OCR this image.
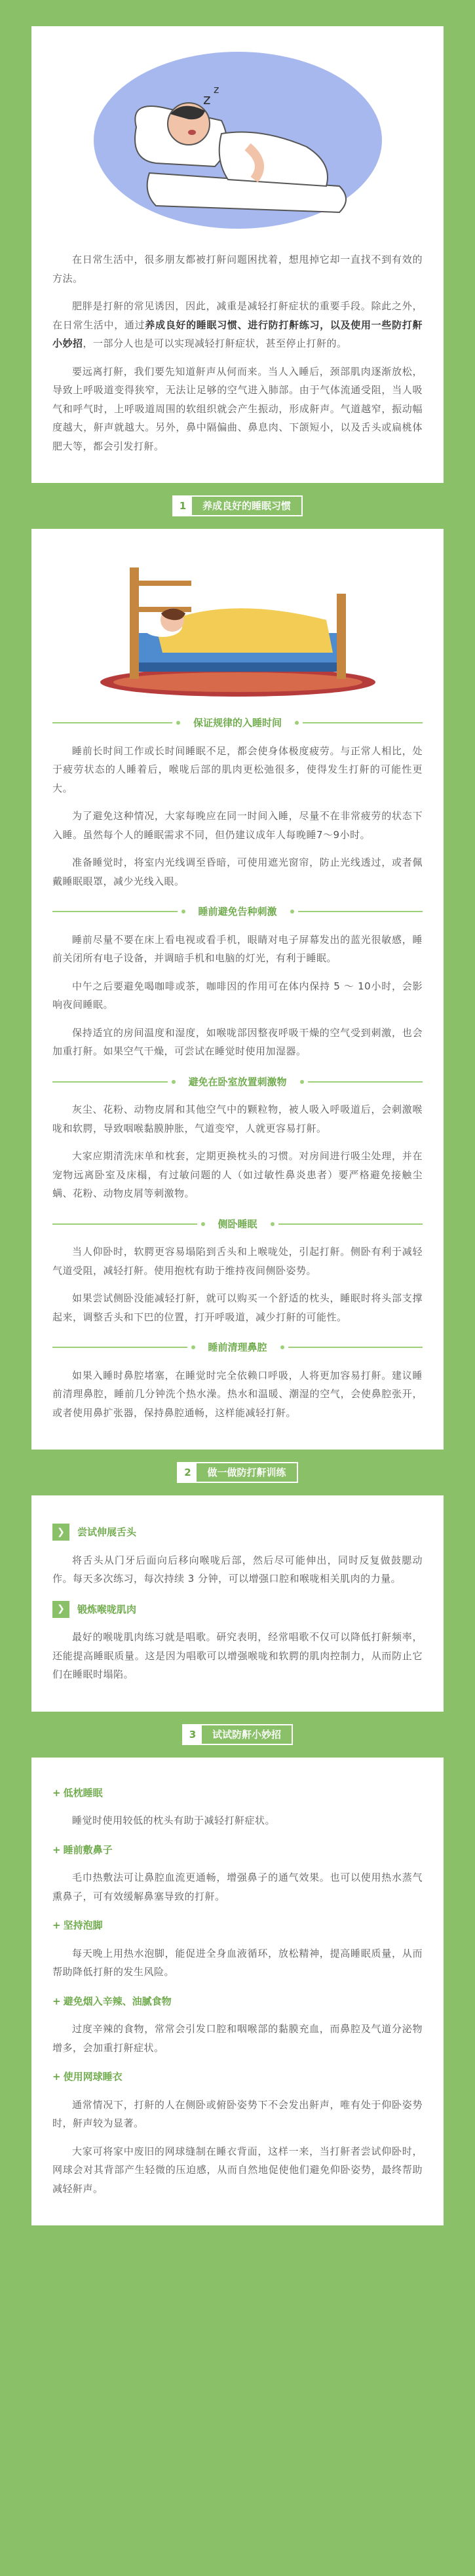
z
z

在日常生活中，很多朋友都被打鼾问题困扰着，想甩掉它却一直找不到有效的方法。

肥胖是打鼾的常见诱因，因此，减重是减轻打鼾症状的重要手段。除此之外，在日常生活中，通过养成良好的睡眠习惯、进行防打鼾练习，以及使用一些防打鼾小妙招，一部分人也是可以实现减轻打鼾症状，甚至停止打鼾的。

要远离打鼾，我们要先知道鼾声从何而来。当人入睡后，颈部肌肉逐渐放松，导致上呼吸道变得狭窄，无法让足够的空气进入肺部。由于气体流通受阻，当人吸气和呼气时，上呼吸道周围的软组织就会产生振动，形成鼾声。气道越窄，振动幅度越大，鼾声就越大。另外，鼻中隔偏曲、鼻息肉、下颌短小，以及舌头或扁桃体肥大等，都会引发打鼾。

1	养成良好的睡眠习惯
保证规律的入睡时间

睡前长时间工作或长时间睡眠不足，都会使身体极度疲劳。与正常人相比，处于疲劳状态的人睡着后，喉咙后部的肌肉更松弛很多，使得发生打鼾的可能性更大。

为了避免这种情况，大家每晚应在同一时间入睡，尽量不在非常疲劳的状态下入睡。虽然每个人的睡眠需求不同，但仍建议成年人每晚睡7～9小时。

准备睡觉时，将室内光线调至昏暗，可使用遮光窗帘，防止光线透过，或者佩戴睡眠眼罩，减少光线入眼。

睡前避免告种刺激

睡前尽量不要在床上看电视或看手机，眼睛对电子屏幕发出的蓝光很敏感，睡前关闭所有电子设备，并调暗手机和电脑的灯光，有利于睡眠。

中午之后要避免喝咖啡或茶，咖啡因的作用可在体内保持 5 ～ 10小时，会影响夜间睡眠。

保持适宜的房间温度和湿度，如喉咙部因整夜呼吸干燥的空气受到刺激，也会加重打鼾。如果空气干燥，可尝试在睡觉时使用加湿器。

避免在卧室放置刺激物

灰尘、花粉、动物皮屑和其他空气中的颗粒物，被人吸入呼吸道后，会刺激喉咙和软腭，导致咽喉黏膜肿胀，气道变窄，人就更容易打鼾。

大家应期清洗床单和枕套，定期更换枕头的习惯。对房间进行吸尘处理，并在宠物远离卧室及床榻，有过敏问题的人（如过敏性鼻炎患者）要严格避免接触尘螨、花粉、动物皮屑等刺激物。

侧卧睡眠

当人仰卧时，软腭更容易塌陷到舌头和上喉咙处，引起打鼾。侧卧有利于减轻气道受阻，减轻打鼾。使用抱枕有助于维持夜间侧卧姿势。

如果尝试侧卧没能减轻打鼾，就可以购买一个舒适的枕头，睡眠时将头部支撑起来，调整舌头和下巴的位置，打开呼吸道，减少打鼾的可能性。

睡前清理鼻腔

如果入睡时鼻腔堵塞，在睡觉时完全依赖口呼吸，人将更加容易打鼾。建议睡前清理鼻腔，睡前几分钟洗个热水澡。热水和温暖、潮湿的空气，会使鼻腔张开，或者使用鼻扩张器，保持鼻腔通畅，这样能减轻打鼾。

2	做一做防打鼾训练
❯	尝试伸展舌头

将舌头从门牙后面向后移向喉咙后部，然后尽可能伸出，同时反复做鼓腮动作。每天多次练习，每次持续 3 分钟，可以增强口腔和喉咙相关肌肉的力量。

❯	锻炼喉咙肌肉

最好的喉咙肌肉练习就是唱歌。研究表明，经常唱歌不仅可以降低打鼾频率，还能提高睡眠质量。这是因为唱歌可以增强喉咙和软腭的肌肉控制力，从而防止它们在睡眠时塌陷。

3	试试防鼾小妙招
+ 低枕睡眠

睡觉时使用较低的枕头有助于减轻打鼾症状。

+ 睡前敷鼻子

毛巾热敷法可让鼻腔血流更通畅，增强鼻子的通气效果。也可以使用热水蒸气熏鼻子，可有效缓解鼻塞导致的打鼾。

+ 坚持泡脚

每天晚上用热水泡脚，能促进全身血液循环，放松精神，提高睡眠质量，从而帮助降低打鼾的发生风险。

+ 避免烟入辛辣、油腻食物

过度辛辣的食物，常常会引发口腔和咽喉部的黏膜充血，而鼻腔及气道分泌物增多，会加重打鼾症状。

+ 使用网球睡衣

通常情况下，打鼾的人在侧卧或俯卧姿势下不会发出鼾声，唯有处于仰卧姿势时，鼾声较为显著。

大家可将家中废旧的网球缝制在睡衣背面，这样一来，当打鼾者尝试仰卧时，网球会对其背部产生轻微的压迫感，从而自然地促使他们避免仰卧姿势，最终帮助减轻鼾声。
